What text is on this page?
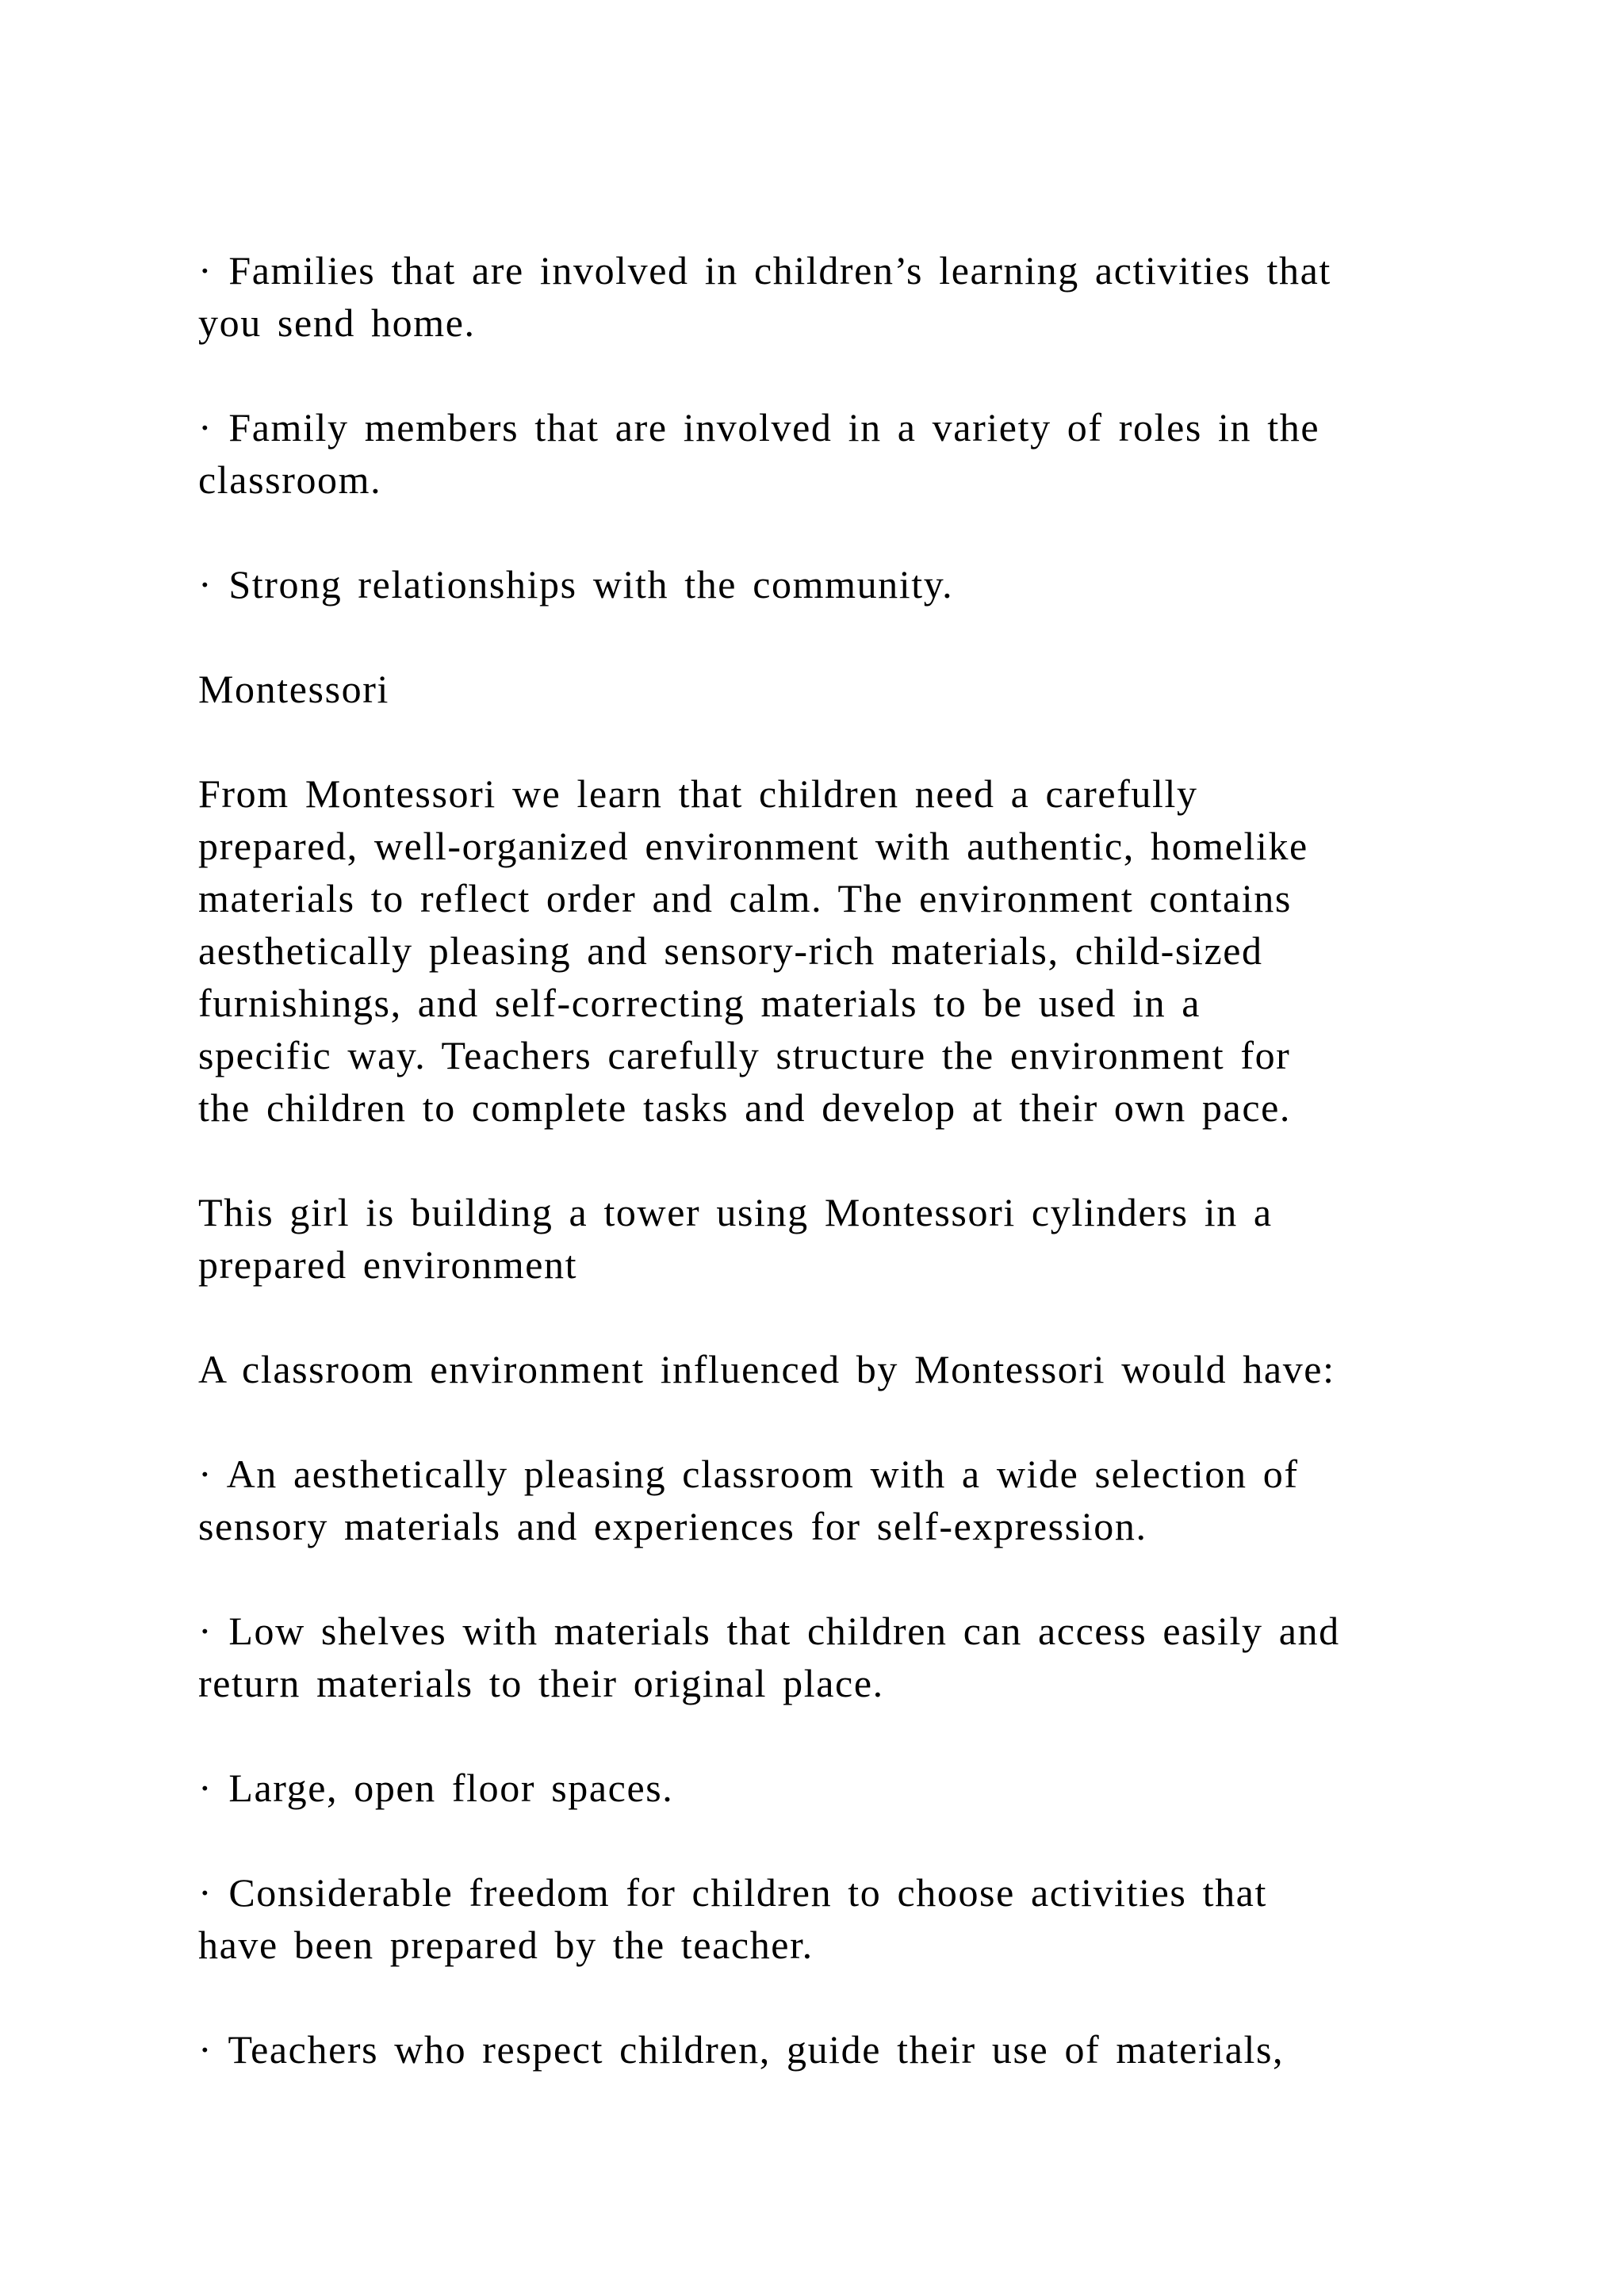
· Families that are involved in children’s learning activities that
you send home.

· Family members that are involved in a variety of roles in the
classroom.

· Strong relationships with the community.

Montessori

From Montessori we learn that children need a carefully
prepared, well-organized environment with authentic, homelike
materials to reflect order and calm. The environment contains
aesthetically pleasing and sensory-rich materials, child-sized
furnishings, and self-correcting materials to be used in a
specific way. Teachers carefully structure the environment for
the children to complete tasks and develop at their own pace.

This girl is building a tower using Montessori cylinders in a
prepared environment

A classroom environment influenced by Montessori would have:

· An aesthetically pleasing classroom with a wide selection of
sensory materials and experiences for self-expression.

· Low shelves with materials that children can access easily and
return materials to their original place.

· Large, open floor spaces.

· Considerable freedom for children to choose activities that
have been prepared by the teacher.

· Teachers who respect children, guide their use of materials,
